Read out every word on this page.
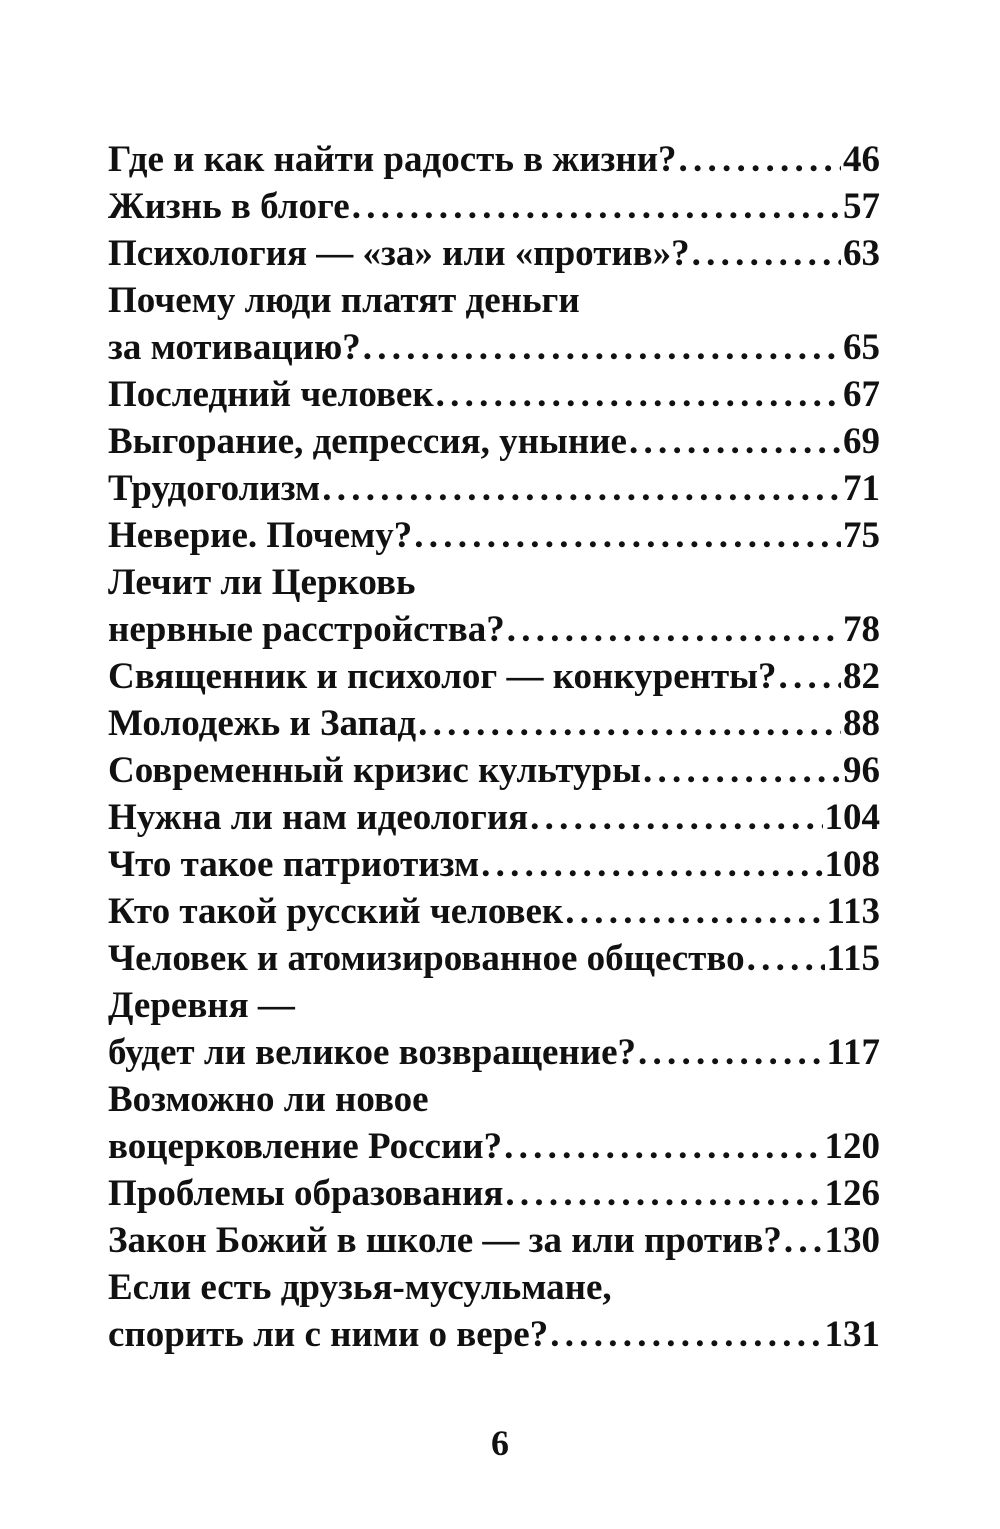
Где и как найти радость в жизни? . . .	46
Жизнь в блоге . . .	57
Психология — «за» или «против»? . . .	63
Почему люди платят деньги
за мотивацию? . . .	65
Последний человек . . .	67
Выгорание, депрессия, уныние . . .	69
Трудоголизм . . .	71
Неверие. Почему? . . .	75
Лечит ли Церковь
нервные расстройства? . . .	78
Священник и психолог — конкуренты? . . . 82
Молодежь и Запад . . .	88
Современный кризис культуры . . .	96
Нужна ли нам идеология . . .	104
Что такое патриотизм . . .	108
Кто такой русский человек . . .	113
Человек и атомизированное общество . . . 115
Деревня —
будет ли великое возвращение? . . .	117
Возможно ли новое
воцерковление России? . . .	120
Проблемы образования . . .	126
Закон Божий в школе — за или против? . . . 130
Если есть друзья-мусульмане,
спорить ли с ними о вере? . . .	131
6
